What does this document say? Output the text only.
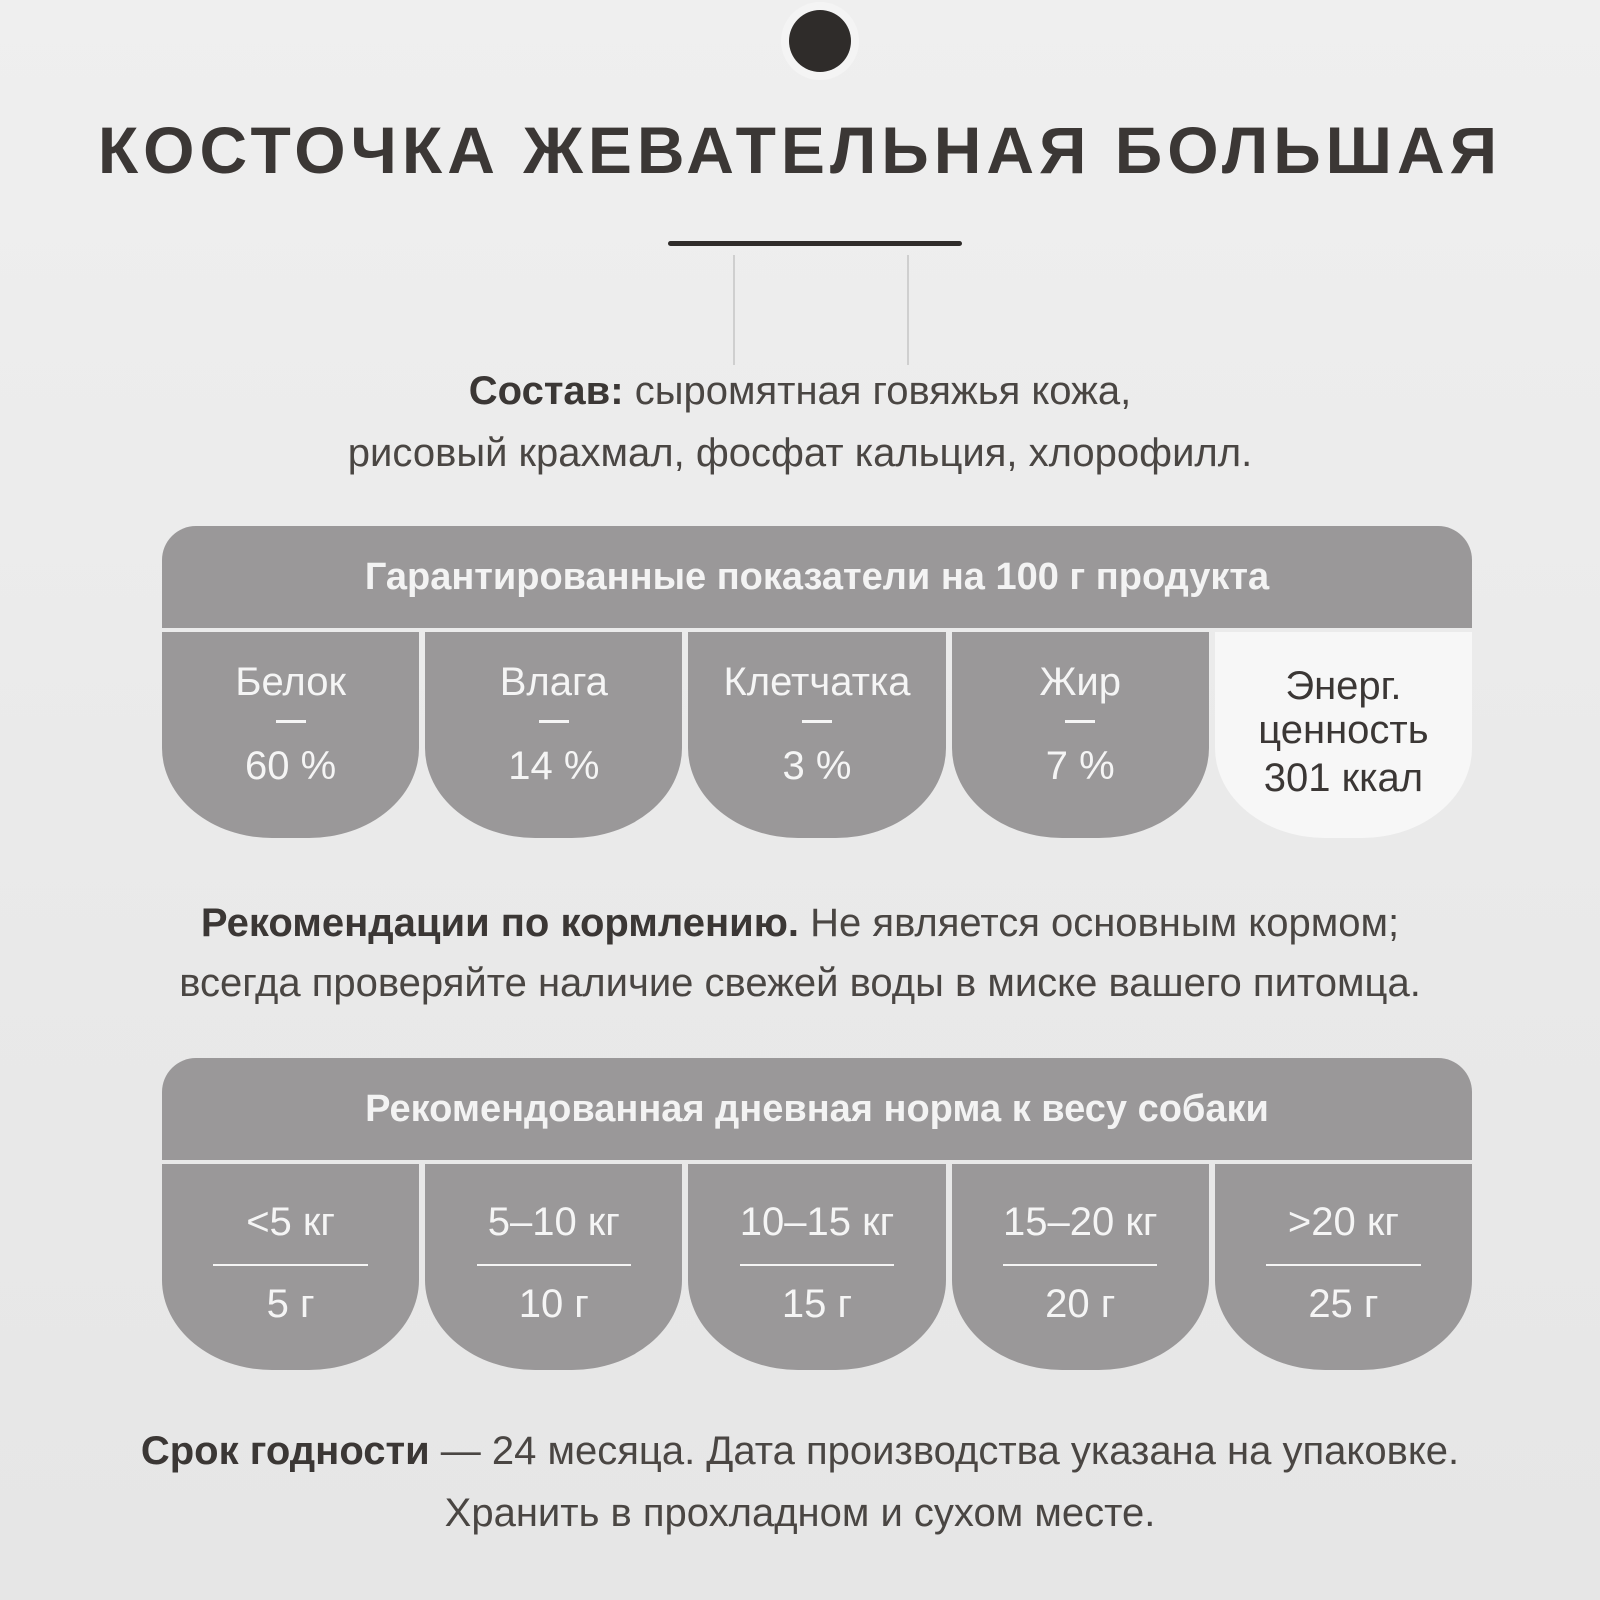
КОСТОЧКА ЖЕВАТЕЛЬНАЯ БОЛЬШАЯ
Состав: сыромятная говяжья кожа,
рисовый крахмал, фосфат кальция, хлорофилл.
Гарантированные показатели на 100 г продукта
Белок
60 %
Влага
14 %
Клетчатка
3 %
Жир
7 %
Энерг.
ценность
301 ккал
Рекомендации по кормлению. Не является основным кормом;
всегда проверяйте наличие свежей воды в миске вашего питомца.
Рекомендованная дневная норма к весу собаки
<5 кг
5 г
5–10 кг
10 г
10–15 кг
15 г
15–20 кг
20 г
>20 кг
25 г
Срок годности — 24 месяца. Дата производства указана на упаковке.
Хранить в прохладном и сухом месте.
